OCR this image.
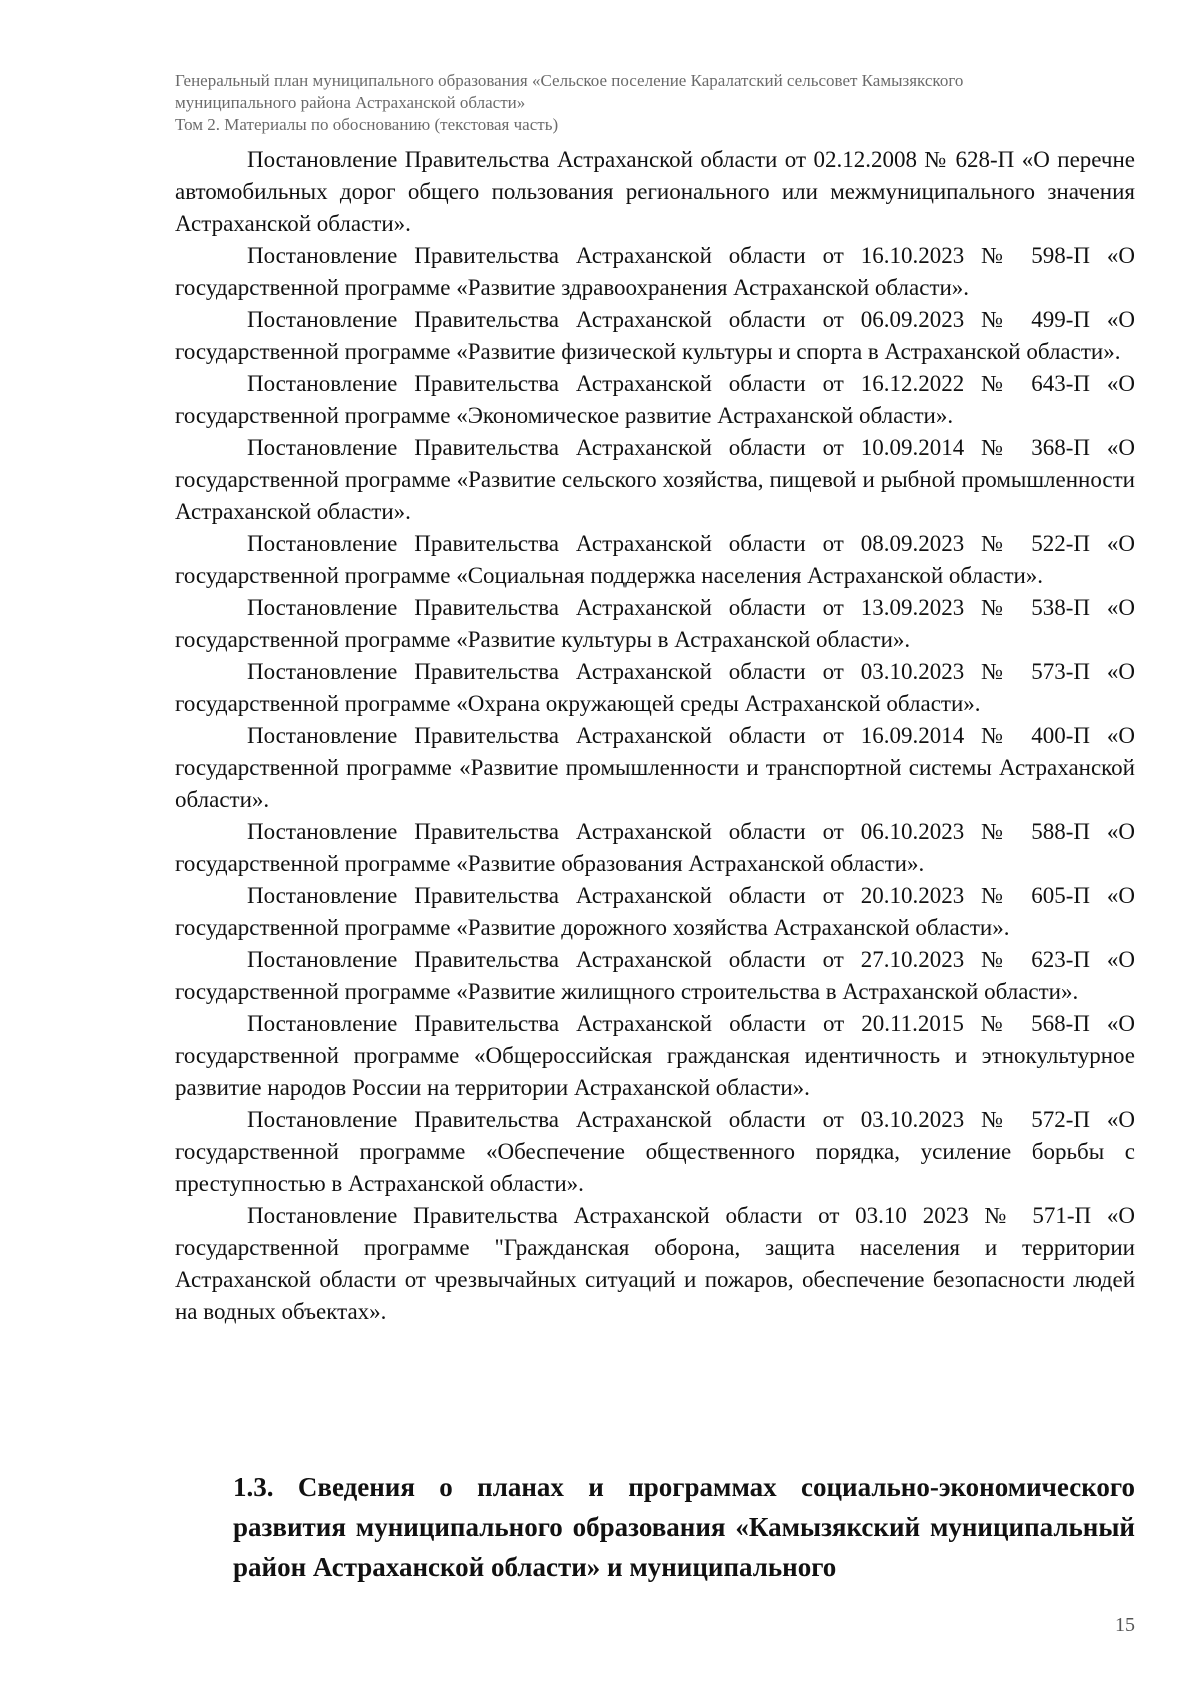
Генеральный план муниципального образования «Сельское поселение Каралатский сельсовет Камызякского
муниципального района Астраханской области»
Том 2. Материалы по обоснованию (текстовая часть)

Постановление Правительства Астраханской области от 02.12.2008 № 628-П «О перечне автомобильных дорог общего пользования регионального или межмуниципального значения Астраханской области».

Постановление Правительства Астраханской области от 16.10.2023 № 598-П «О государственной программе «Развитие здравоохранения Астраханской области».

Постановление Правительства Астраханской области от 06.09.2023 № 499-П «О государственной программе «Развитие физической культуры и спорта в Астраханской области».

Постановление Правительства Астраханской области от 16.12.2022 № 643-П «О государственной программе «Экономическое развитие Астраханской области».

Постановление Правительства Астраханской области от 10.09.2014 № 368-П «О государственной программе «Развитие сельского хозяйства, пищевой и рыбной промышленности Астраханской области».

Постановление Правительства Астраханской области от 08.09.2023 № 522-П «О государственной программе «Социальная поддержка населения Астраханской области».

Постановление Правительства Астраханской области от 13.09.2023 № 538-П «О государственной программе «Развитие культуры в Астраханской области».

Постановление Правительства Астраханской области от 03.10.2023 № 573-П «О государственной программе «Охрана окружающей среды Астраханской области».

Постановление Правительства Астраханской области от 16.09.2014 № 400-П «О государственной программе «Развитие промышленности и транспортной системы Астраханской области».

Постановление Правительства Астраханской области от 06.10.2023 № 588-П «О государственной программе «Развитие образования Астраханской области».

Постановление Правительства Астраханской области от 20.10.2023 № 605-П «О государственной программе «Развитие дорожного хозяйства Астраханской области».

Постановление Правительства Астраханской области от 27.10.2023 № 623-П «О государственной программе «Развитие жилищного строительства в Астраханской области».

Постановление Правительства Астраханской области от 20.11.2015 № 568-П «О государственной программе «Общероссийская гражданская идентичность и этнокультурное развитие народов России на территории Астраханской области».

Постановление Правительства Астраханской области от 03.10.2023 № 572-П «О государственной программе «Обеспечение общественного порядка, усиление борьбы с преступностью в Астраханской области».

Постановление Правительства Астраханской области от 03.10 2023 № 571-П «О государственной программе "Гражданская оборона, защита населения и территории Астраханской области от чрезвычайных ситуаций и пожаров, обеспечение безопасности людей на водных объектах».

1.3. Сведения о планах и программах социально-экономического развития муниципального образования «Камызякский муниципальный район Астраханской области» и муниципального
15
